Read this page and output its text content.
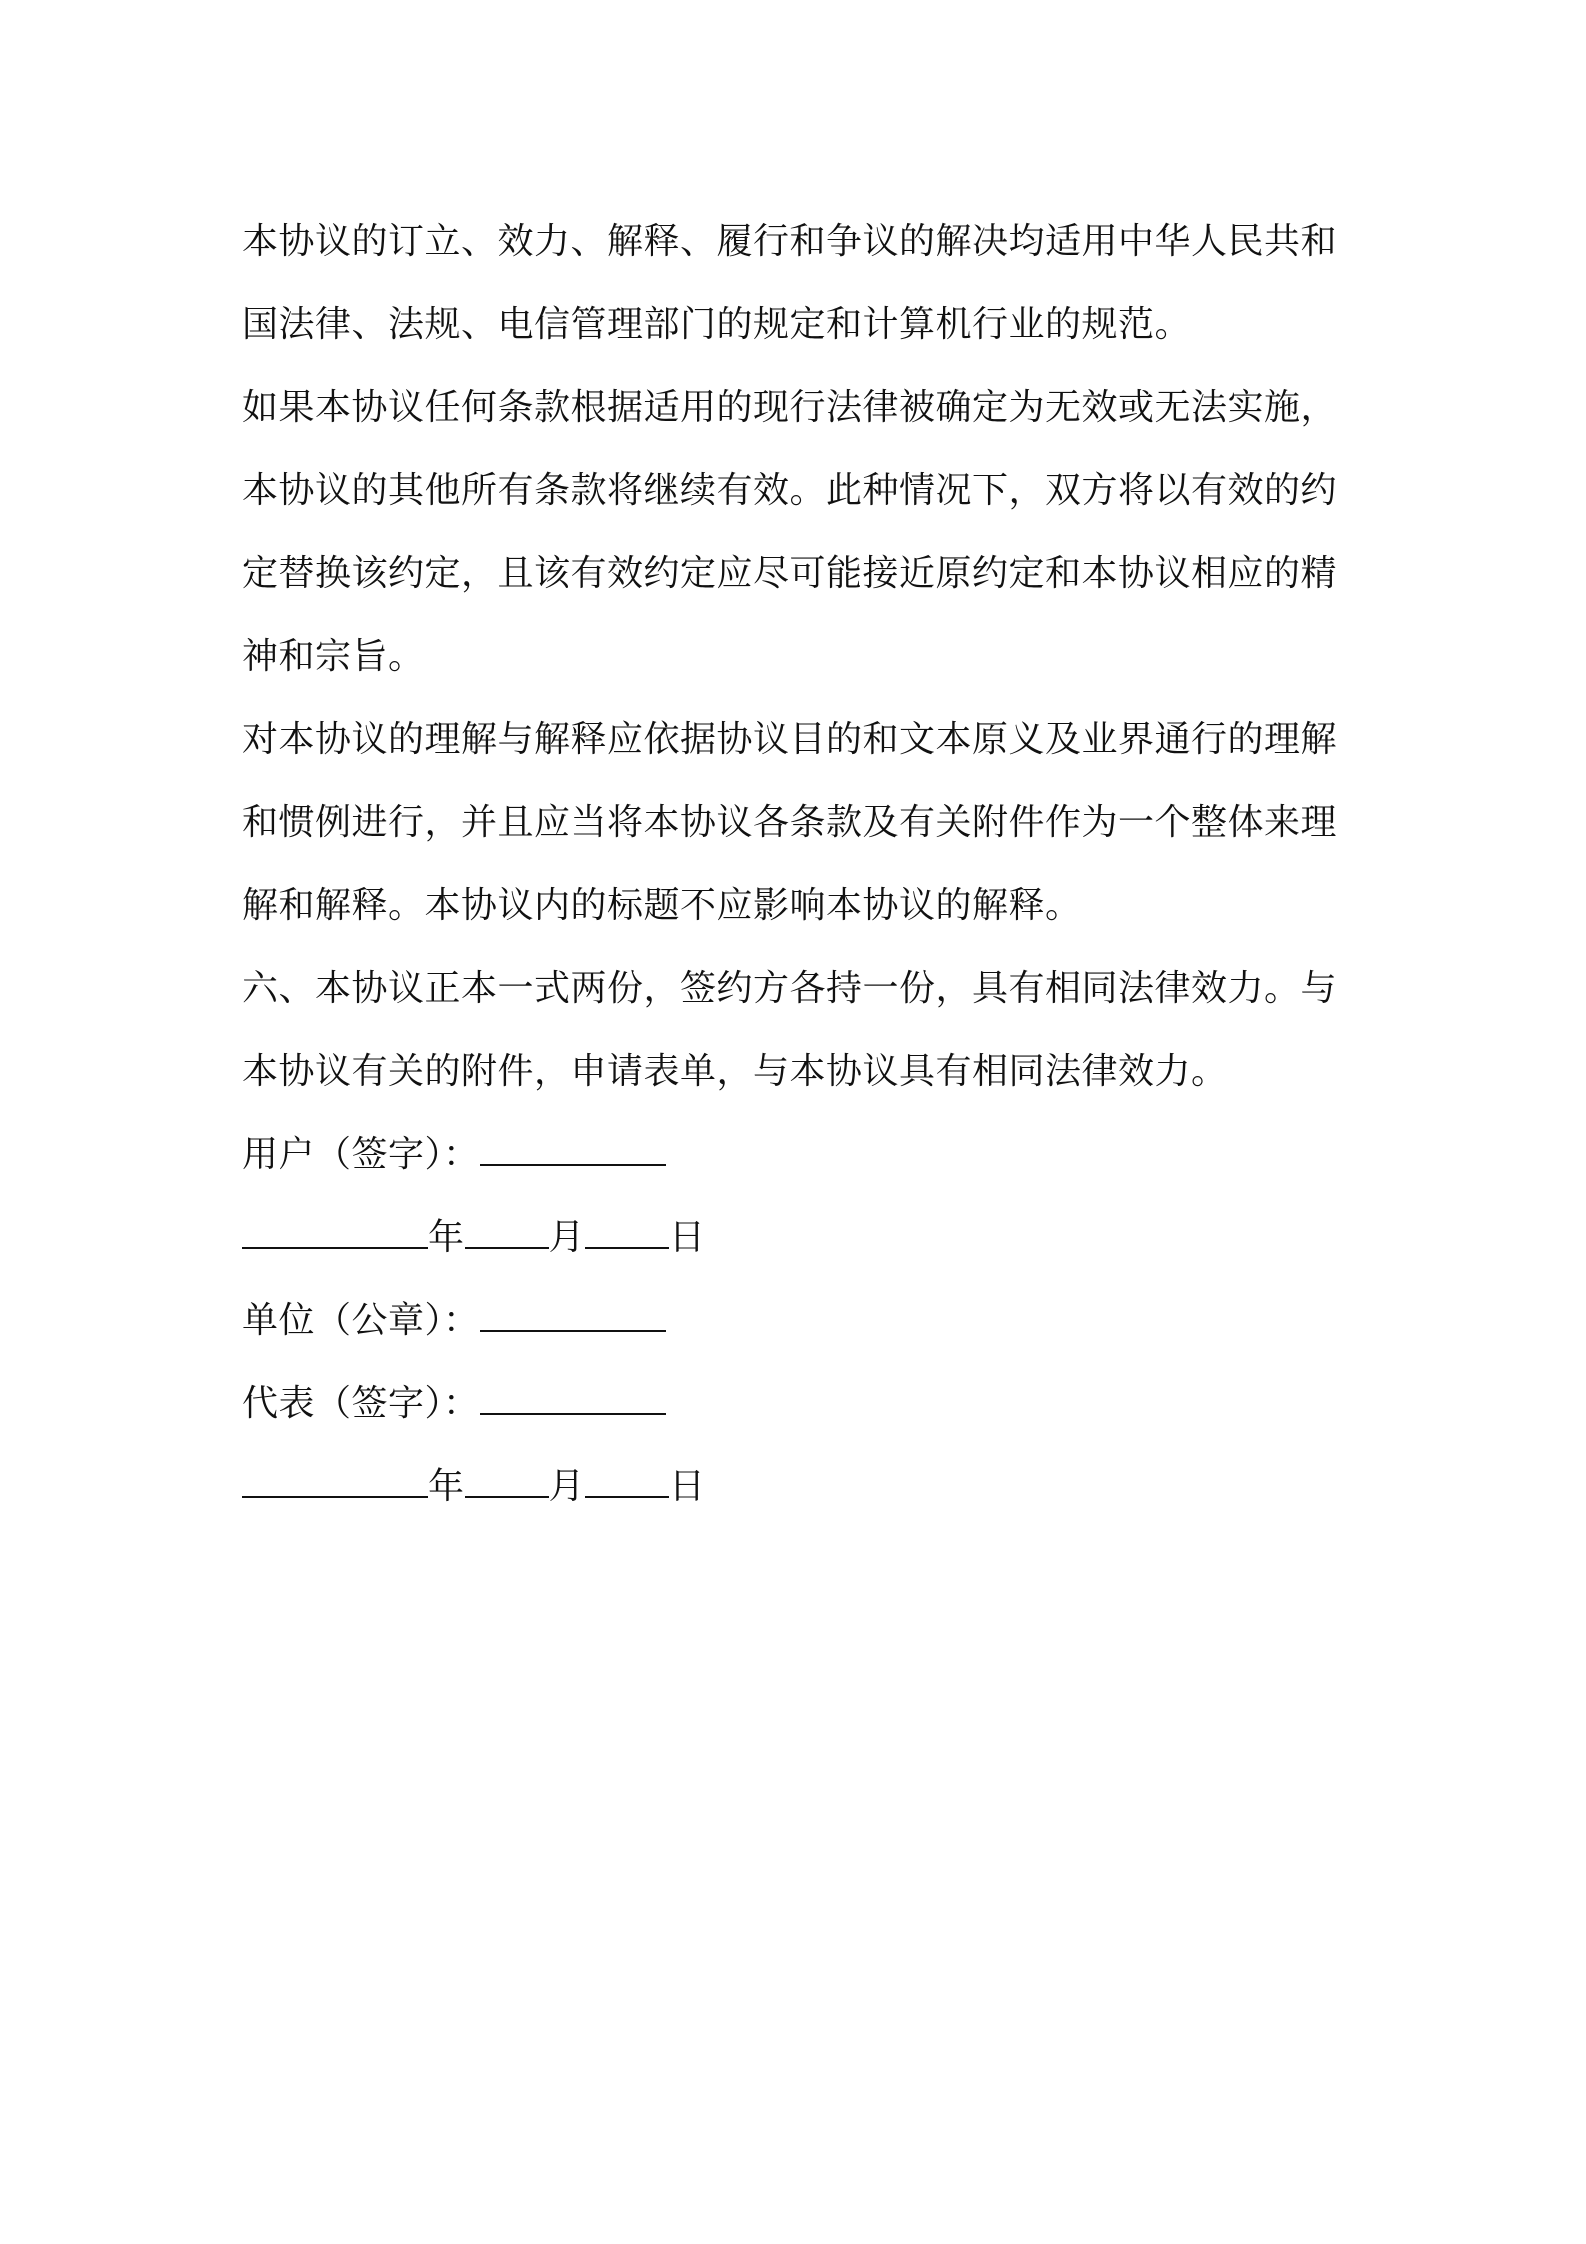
本协议的订立、效力、解释、履行和争议的解决均适用中华人民共和国法律、法规、电信管理部门的规定和计算机行业的规范。

如果本协议任何条款根据适用的现行法律被确定为无效或无法实施，本协议的其他所有条款将继续有效。此种情况下，双方将以有效的约定替换该约定，且该有效约定应尽可能接近原约定和本协议相应的精神和宗旨。

对本协议的理解与解释应依据协议目的和文本原义及业界通行的理解和惯例进行，并且应当将本协议各条款及有关附件作为一个整体来理解和解释。本协议内的标题不应影响本协议的解释。

六、本协议正本一式两份，签约方各持一份，具有相同法律效力。与本协议有关的附件，申请表单，与本协议具有相同法律效力。

用户（签字）：
年 月 日
单位（公章）：
代表（签字）：
年 月 日
